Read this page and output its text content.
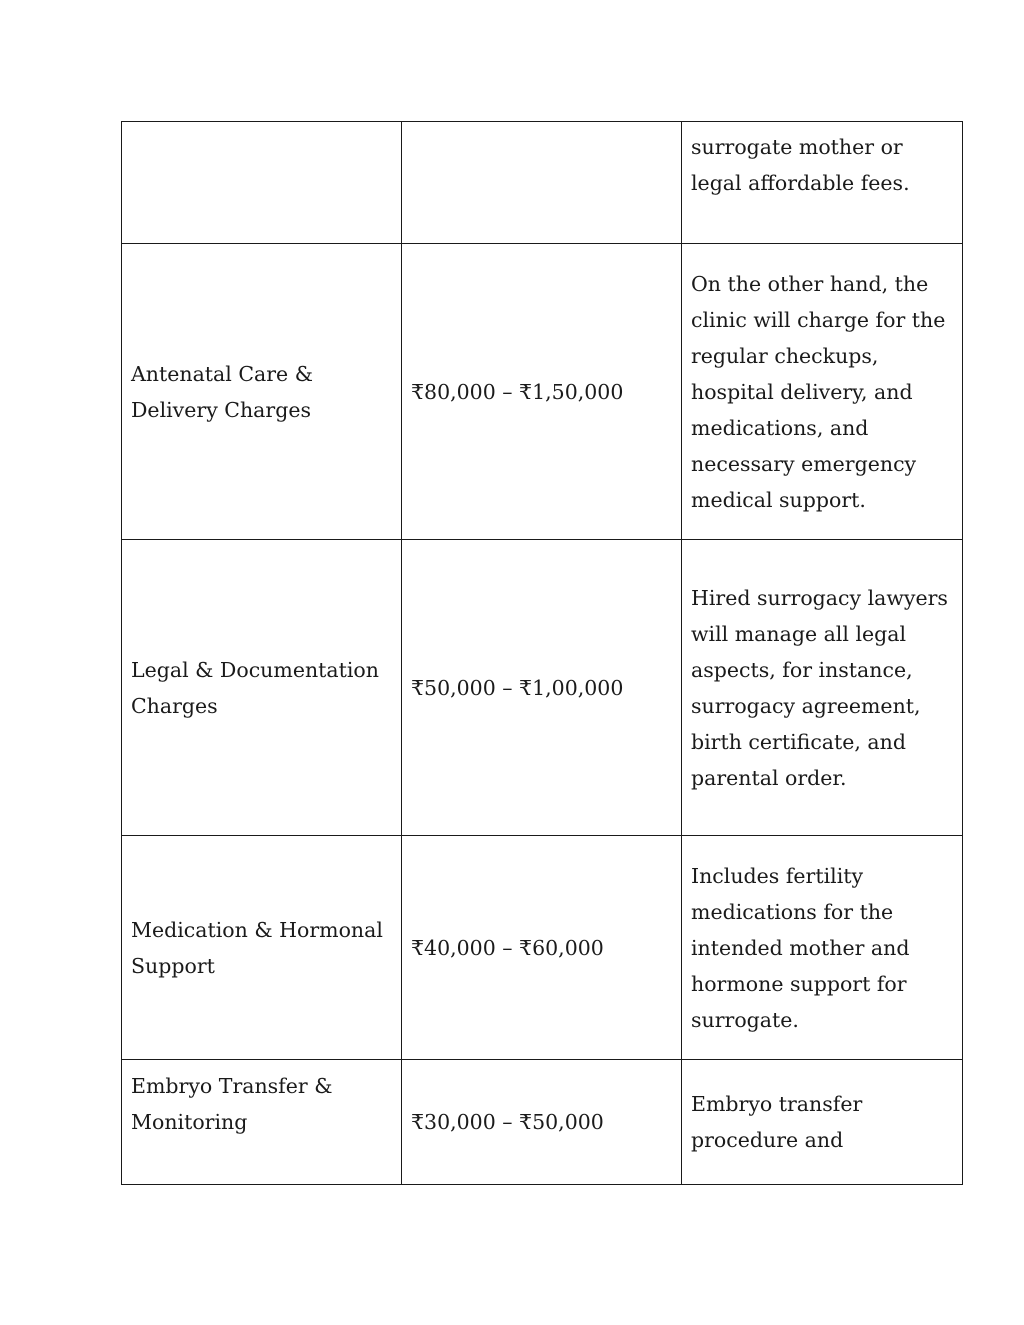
		surrogate mother or legal affordable fees.

Antenatal Care & Delivery Charges	₹80,000 – ₹1,50,000	On the other hand, the clinic will charge for the regular checkups, hospital delivery, and medications, and necessary emergency medical support.

Legal & Documentation Charges	₹50,000 – ₹1,00,000	Hired surrogacy lawyers will manage all legal aspects, for instance, surrogacy agreement, birth certificate, and parental order.

Medication & Hormonal Support	₹40,000 – ₹60,000	Includes fertility medications for the intended mother and hormone support for surrogate.

Embryo Transfer & Monitoring	₹30,000 – ₹50,000	Embryo transfer procedure and
